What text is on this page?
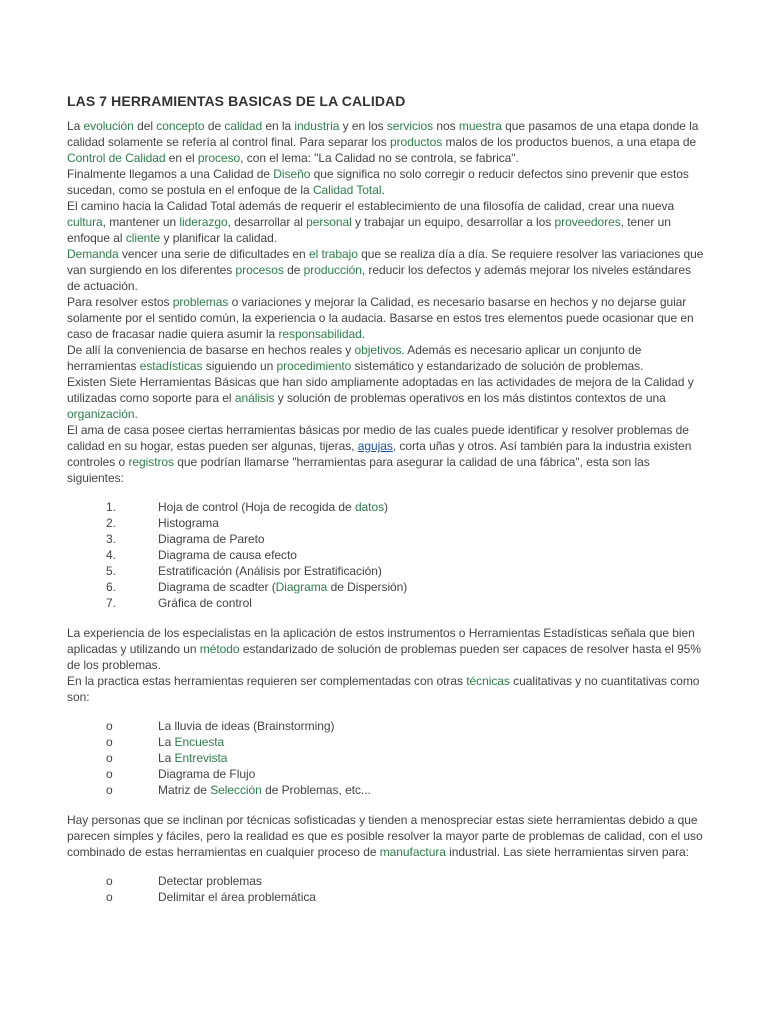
LAS 7 HERRAMIENTAS BASICAS DE LA CALIDAD

La evolución del concepto de calidad en la industria y en los servicios nos muestra que pasamos de una etapa donde la calidad solamente se refería al control final. Para separar los productos malos de los productos buenos, a una etapa de Control de Calidad en el proceso, con el lema: "La Calidad no se controla, se fabrica".

Finalmente llegamos a una Calidad de Diseño que significa no solo corregir o reducir defectos sino prevenir que estos sucedan, como se postula en el enfoque de la Calidad Total.

El camino hacia la Calidad Total además de requerir el establecimiento de una filosofía de calidad, crear una nueva cultura, mantener un liderazgo, desarrollar al personal y trabajar un equipo, desarrollar a los proveedores, tener un enfoque al cliente y planificar la calidad.

Demanda vencer una serie de dificultades en el trabajo que se realiza día a día. Se requiere resolver las variaciones que van surgiendo en los diferentes procesos de producción, reducir los defectos y además mejorar los niveles estándares de actuación.

Para resolver estos problemas o variaciones y mejorar la Calidad, es necesario basarse en hechos y no dejarse guiar solamente por el sentido común, la experiencia o la audacia. Basarse en estos tres elementos puede ocasionar que en caso de fracasar nadie quiera asumir la responsabilidad.

De allí la conveniencia de basarse en hechos reales y objetivos. Además es necesario aplicar un conjunto de herramientas estadísticas siguiendo un procedimiento sistemático y estandarizado de solución de problemas.

Existen Siete Herramientas Básicas que han sido ampliamente adoptadas en las actividades de mejora de la Calidad y utilizadas como soporte para el análisis y solución de problemas operativos en los más distintos contextos de una organización.

El ama de casa posee ciertas herramientas básicas por medio de las cuales puede identificar y resolver problemas de calidad en su hogar, estas pueden ser algunas, tijeras, agujas, corta uñas y otros. Así también para la industria existen controles o registros que podrían llamarse "herramientas para asegurar la calidad de una fábrica", esta son las siguientes:

1.	Hoja de control (Hoja de recogida de datos)
2.	Histograma
3.	Diagrama de Pareto
4.	Diagrama de causa efecto
5.	Estratificación (Análisis por Estratificación)
6.	Diagrama de scadter (Diagrama de Dispersión)
7.	Gráfica de control

La experiencia de los especialistas en la aplicación de estos instrumentos o Herramientas Estadísticas señala que bien aplicadas y utilizando un método estandarizado de solución de problemas pueden ser capaces de resolver hasta el 95% de los problemas.

En la practica estas herramientas requieren ser complementadas con otras técnicas cualitativas y no cuantitativas como son:

o	La lluvia de ideas (Brainstorming)
o	La Encuesta
o	La Entrevista
o	Diagrama de Flujo
o	Matriz de Selección de Problemas, etc...

Hay personas que se inclinan por técnicas sofisticadas y tienden a menospreciar estas siete herramientas debido a que parecen simples y fáciles, pero la realidad es que es posible resolver la mayor parte de problemas de calidad, con el uso combinado de estas herramientas en cualquier proceso de manufactura industrial. Las siete herramientas sirven para:

o	Detectar problemas
o	Delimitar el área problemática
